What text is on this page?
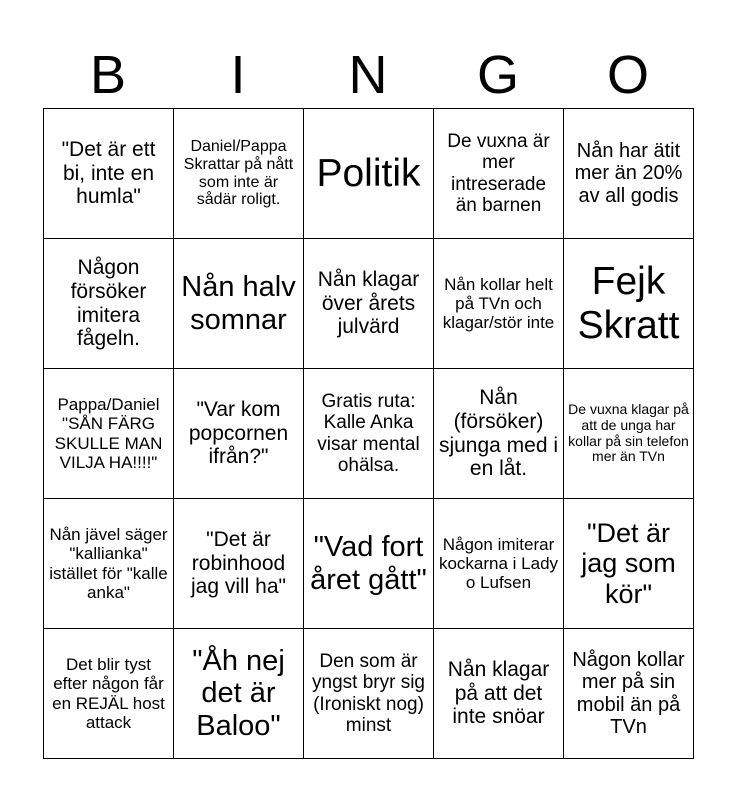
B	I	N	G	O
"Det är ett bi, inte en humla"	Daniel/Pappa Skrattar på nått som inte är sådär roligt.	Politik	De vuxna är mer intreserade än barnen	Nån har ätit mer än 20% av all godis
Någon försöker imitera fågeln.	Nån halv somnar	Nån klagar över årets julvärd	Nån kollar helt på TVn och klagar/stör inte	Fejk Skratt
Pappa/Daniel "SÅN FÄRG SKULLE MAN VILJA HA!!!!"	"Var kom popcornen ifrån?"	Gratis ruta: Kalle Anka visar mental ohälsa.	Nån (försöker) sjunga med i en låt.	De vuxna klagar på att de unga har kollar på sin telefon mer än TVn
Nån jävel säger "kallianka" istället för "kalle anka"	"Det är robinhood jag vill ha"	"Vad fort året gått"	Någon imiterar kockarna i Lady o Lufsen	"Det är jag som kör"
Det blir tyst efter någon får en REJÄL host attack	"Åh nej det är Baloo"	Den som är yngst bryr sig (Ironiskt nog) minst	Nån klagar på att det inte snöar	Någon kollar mer på sin mobil än på TVn
